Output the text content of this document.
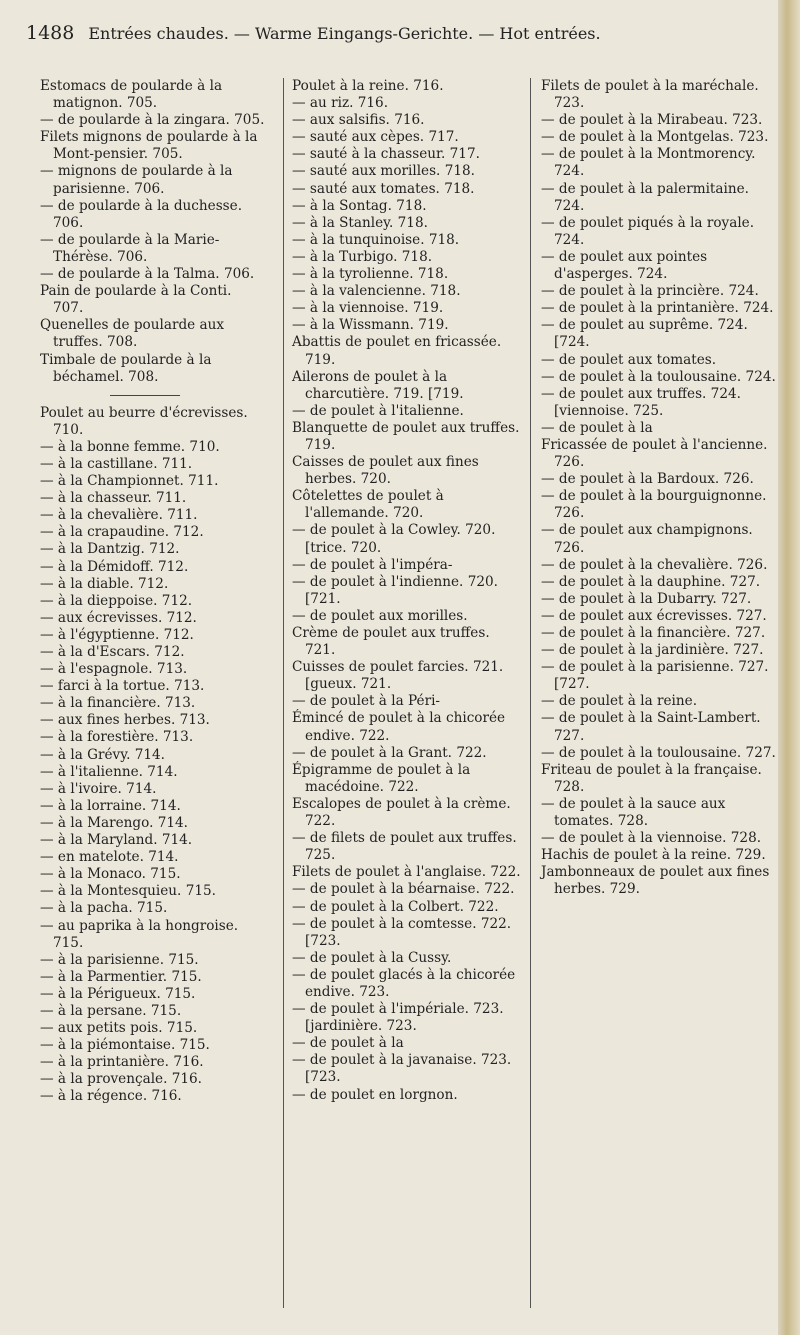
1488 Entrées chaudes. — Warme Eingangs-Gerichte. — Hot entrées.

Estomacs de poularde à la matignon. 705.

— de poularde à la zingara. 705.

Filets mignons de poularde à la Mont-pensier. 705.

— mignons de poularde à la parisienne. 706.

— de poularde à la duchesse. 706.

— de poularde à la Marie-Thérèse. 706.

— de poularde à la Talma. 706.

Pain de poularde à la Conti. 707.

Quenelles de poularde aux truffes. 708.

Timbale de poularde à la béchamel. 708.

Poulet au beurre d'écrevisses. 710.

— à la bonne femme. 710.

— à la castillane. 711.

— à la Championnet. 711.

— à la chasseur. 711.

— à la chevalière. 711.

— à la crapaudine. 712.

— à la Dantzig. 712.

— à la Démidoff. 712.

— à la diable. 712.

— à la dieppoise. 712.

— aux écrevisses. 712.

— à l'égyptienne. 712.

— à la d'Escars. 712.

— à l'espagnole. 713.

— farci à la tortue. 713.

— à la financière. 713.

— aux fines herbes. 713.

— à la forestière. 713.

— à la Grévy. 714.

— à l'italienne. 714.

— à l'ivoire. 714.

— à la lorraine. 714.

— à la Marengo. 714.

— à la Maryland. 714.

— en matelote. 714.

— à la Monaco. 715.

— à la Montesquieu. 715.

— à la pacha. 715.

— au paprika à la hongroise. 715.

— à la parisienne. 715.

— à la Parmentier. 715.

— à la Périgueux. 715.

— à la persane. 715.

— aux petits pois. 715.

— à la piémontaise. 715.

— à la printanière. 716.

— à la provençale. 716.

— à la régence. 716.

Poulet à la reine. 716.

— au riz. 716.

— aux salsifis. 716.

— sauté aux cèpes. 717.

— sauté à la chasseur. 717.

— sauté aux morilles. 718.

— sauté aux tomates. 718.

— à la Sontag. 718.

— à la Stanley. 718.

— à la tunquinoise. 718.

— à la Turbigo. 718.

— à la tyrolienne. 718.

— à la valencienne. 718.

— à la viennoise. 719.

— à la Wissmann. 719.

Abattis de poulet en fricassée. 719.

Ailerons de poulet à la charcutière. 719. [719.

— de poulet à l'italienne.

Blanquette de poulet aux truffes. 719.

Caisses de poulet aux fines herbes. 720.

Côtelettes de poulet à l'allemande. 720.

— de poulet à la Cowley. 720. [trice. 720.

— de poulet à l'impéra-

— de poulet à l'indienne. 720. [721.

— de poulet aux morilles.

Crème de poulet aux truffes. 721.

Cuisses de poulet farcies. 721. [gueux. 721.

— de poulet à la Péri-

Émincé de poulet à la chicorée endive. 722.

— de poulet à la Grant. 722.

Épigramme de poulet à la macédoine. 722.

Escalopes de poulet à la crème. 722.

— de filets de poulet aux truffes. 725.

Filets de poulet à l'anglaise. 722.

— de poulet à la béarnaise. 722.

— de poulet à la Colbert. 722.

— de poulet à la comtesse. 722. [723.

— de poulet à la Cussy.

— de poulet glacés à la chicorée endive. 723.

— de poulet à l'impériale. 723. [jardinière. 723.

— de poulet à la

— de poulet à la javanaise. 723. [723.

— de poulet en lorgnon.

Filets de poulet à la maréchale. 723.

— de poulet à la Mirabeau. 723.

— de poulet à la Montgelas. 723.

— de poulet à la Montmorency. 724.

— de poulet à la palermitaine. 724.

— de poulet piqués à la royale. 724.

— de poulet aux pointes d'asperges. 724.

— de poulet à la princière. 724.

— de poulet à la printanière. 724.

— de poulet au suprême. 724. [724.

— de poulet aux tomates.

— de poulet à la toulousaine. 724.

— de poulet aux truffes. 724. [viennoise. 725.

— de poulet à la

Fricassée de poulet à l'ancienne. 726.

— de poulet à la Bardoux. 726.

— de poulet à la bourguignonne. 726.

— de poulet aux champignons. 726.

— de poulet à la chevalière. 726.

— de poulet à la dauphine. 727.

— de poulet à la Dubarry. 727.

— de poulet aux écrevisses. 727.

— de poulet à la financière. 727.

— de poulet à la jardinière. 727.

— de poulet à la parisienne. 727. [727.

— de poulet à la reine.

— de poulet à la Saint-Lambert. 727.

— de poulet à la toulousaine. 727.

Friteau de poulet à la française. 728.

— de poulet à la sauce aux tomates. 728.

— de poulet à la viennoise. 728.

Hachis de poulet à la reine. 729.

Jambonneaux de poulet aux fines herbes. 729.
